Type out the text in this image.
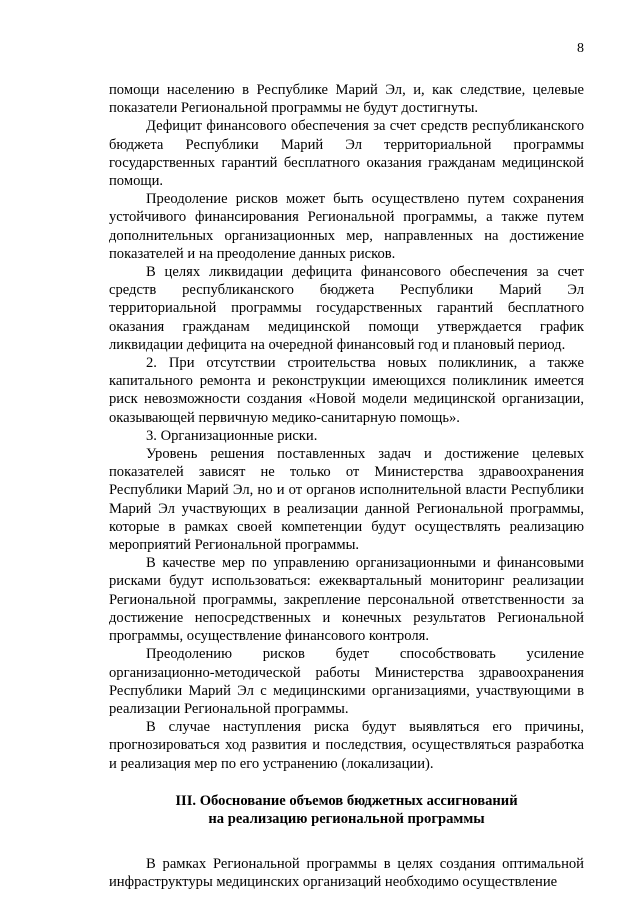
8

помощи населению в Республике Марий Эл, и, как следствие, целевые показатели Региональной программы не будут достигнуты.

Дефицит финансового обеспечения за счет средств республиканского бюджета Республики Марий Эл территориальной программы государственных гарантий бесплатного оказания гражданам медицинской помощи.

Преодоление рисков может быть осуществлено путем сохранения устойчивого финансирования Региональной программы, а также путем дополнительных организационных мер, направленных на достижение показателей и на преодоление данных рисков.

В целях ликвидации дефицита финансового обеспечения за счет средств республиканского бюджета Республики Марий Эл территориальной программы государственных гарантий бесплатного оказания гражданам медицинской помощи утверждается график ликвидации дефицита на очередной финансовый год и плановый период.

2. При отсутствии строительства новых поликлиник, а также капитального ремонта и реконструкции имеющихся поликлиник имеется риск невозможности создания «Новой модели медицинской организации, оказывающей первичную медико-санитарную помощь».

3. Организационные риски.

Уровень решения поставленных задач и достижение целевых показателей зависят не только от Министерства здравоохранения Республики Марий Эл, но и от органов исполнительной власти Республики Марий Эл участвующих в реализации данной Региональной программы, которые в рамках своей компетенции будут осуществлять реализацию мероприятий Региональной программы.

В качестве мер по управлению организационными и финансовыми рисками будут использоваться: ежеквартальный мониторинг реализации Региональной программы, закрепление персональной ответственности за достижение непосредственных и конечных результатов Региональной программы, осуществление финансового контроля.

Преодолению рисков будет способствовать усиление организационно-методической работы Министерства здравоохранения Республики Марий Эл с медицинскими организациями, участвующими в реализации Региональной программы.

В случае наступления риска будут выявляться его причины, прогнозироваться ход развития и последствия, осуществляться разработка и реализация мер по его устранению (локализации).

III. Обоснование объемов бюджетных ассигнований
на реализацию региональной программы

В рамках Региональной программы в целях создания оптимальной инфраструктуры медицинских организаций необходимо осуществление
